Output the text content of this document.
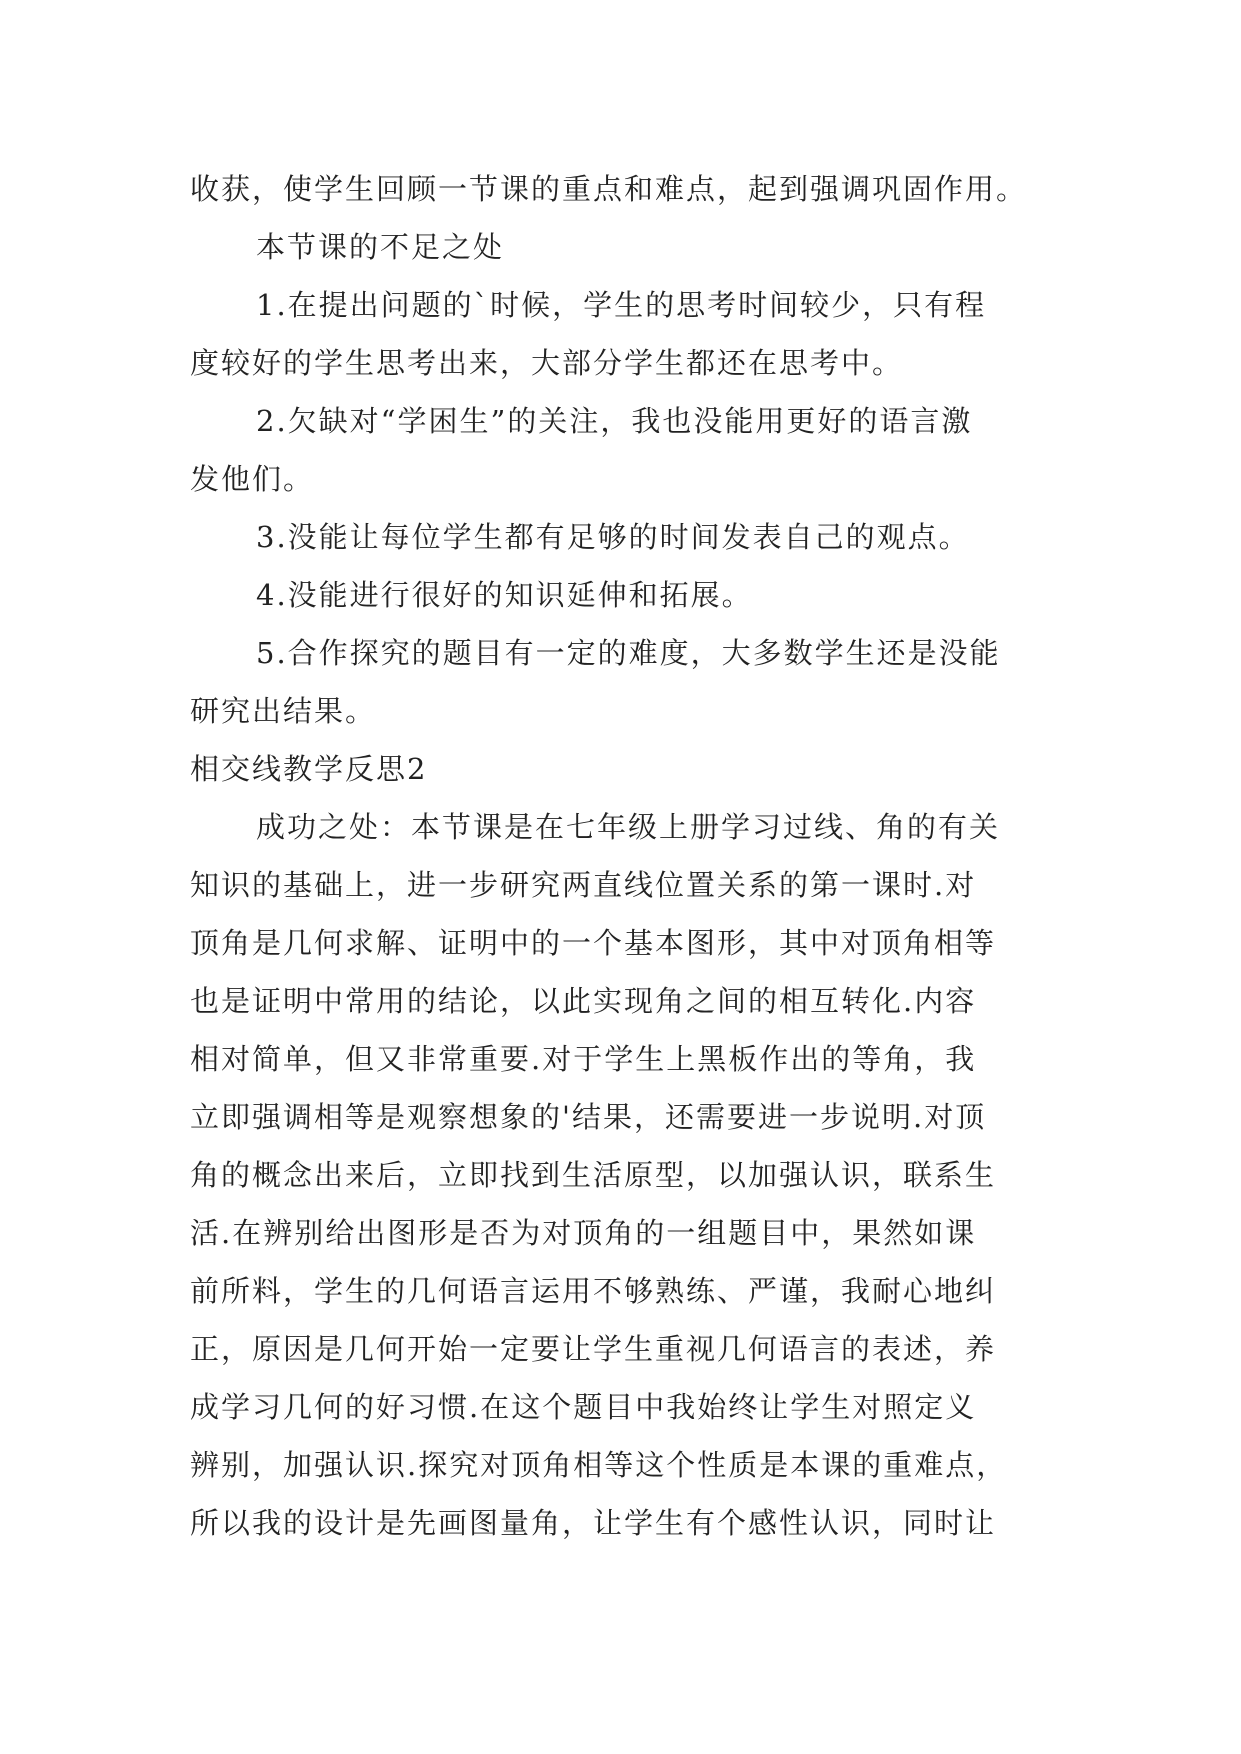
收获，使学生回顾一节课的重点和难点，起到强调巩固作用。
本节课的不足之处
1.在提出问题的`时候，学生的思考时间较少，只有程
度较好的学生思考出来，大部分学生都还在思考中。
2.欠缺对“学困生”的关注，我也没能用更好的语言激
发他们。
3.没能让每位学生都有足够的时间发表自己的观点。
4.没能进行很好的知识延伸和拓展。
5.合作探究的题目有一定的难度，大多数学生还是没能
研究出结果。
相交线教学反思2
成功之处：本节课是在七年级上册学习过线、角的有关
知识的基础上，进一步研究两直线位置关系的第一课时.对
顶角是几何求解、证明中的一个基本图形，其中对顶角相等
也是证明中常用的结论，以此实现角之间的相互转化.内容
相对简单，但又非常重要.对于学生上黑板作出的等角，我
立即强调相等是观察想象的'结果，还需要进一步说明.对顶
角的概念出来后，立即找到生活原型，以加强认识，联系生
活.在辨别给出图形是否为对顶角的一组题目中，果然如课
前所料，学生的几何语言运用不够熟练、严谨，我耐心地纠
正，原因是几何开始一定要让学生重视几何语言的表述，养
成学习几何的好习惯.在这个题目中我始终让学生对照定义
辨别，加强认识.探究对顶角相等这个性质是本课的重难点，
所以我的设计是先画图量角，让学生有个感性认识，同时让
